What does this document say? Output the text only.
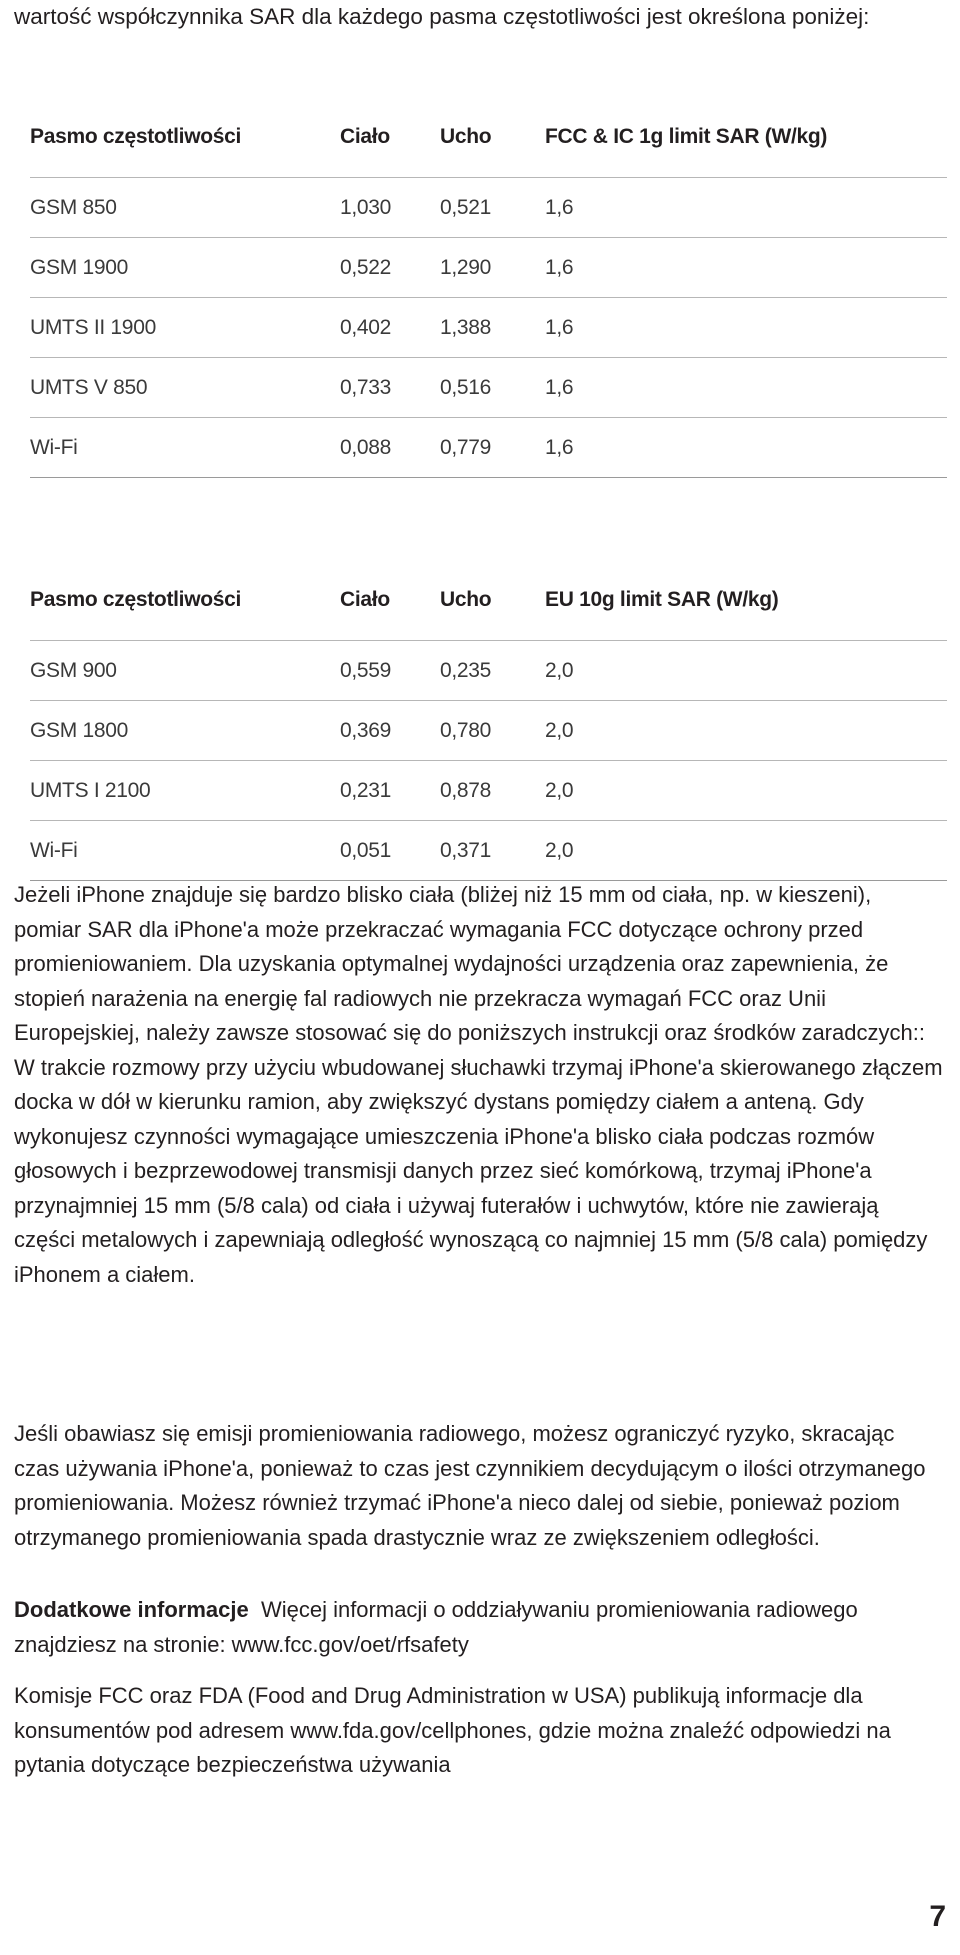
wartość współczynnika SAR dla każdego pasma częstotliwości jest określona poniżej:

Pasmo częstotliwości	Ciało	Ucho	FCC & IC 1g limit SAR (W/kg)
GSM 850	1,030	0,521	1,6
GSM 1900	0,522	1,290	1,6
UMTS II 1900	0,402	1,388	1,6
UMTS V 850	0,733	0,516	1,6
Wi-Fi	0,088	0,779	1,6
Pasmo częstotliwości	Ciało	Ucho	EU 10g limit SAR (W/kg)
GSM 900	0,559	0,235	2,0
GSM 1800	0,369	0,780	2,0
UMTS I 2100	0,231	0,878	2,0
Wi-Fi	0,051	0,371	2,0

Jeżeli iPhone znajduje się bardzo blisko ciała (bliżej niż 15 mm od ciała, np. w kieszeni), pomiar SAR dla iPhone'a może przekraczać wymagania FCC dotyczące ochrony przed promieniowaniem. Dla uzyskania optymalnej wydajności urządzenia oraz zapewnienia, że stopień narażenia na energię fal radiowych nie przekracza wymagań FCC oraz Unii Europejskiej, należy zawsze stosować się do poniższych instrukcji oraz środków zaradczych:: W trakcie rozmowy przy użyciu wbudowanej słuchawki trzymaj iPhone'a skierowanego złączem docka w dół w kierunku ramion, aby zwiększyć dystans pomiędzy ciałem a anteną. Gdy wykonujesz czynności wymagające umieszczenia iPhone'a blisko ciała podczas rozmów głosowych i bezprzewodowej transmisji danych przez sieć komórkową, trzymaj iPhone'a przynajmniej 15 mm (5/8 cala) od ciała i używaj futerałów i uchwytów, które nie zawierają części metalowych i zapewniają odległość wynoszącą co najmniej 15 mm (5/8 cala) pomiędzy iPhonem a ciałem.

Jeśli obawiasz się emisji promieniowania radiowego, możesz ograniczyć ryzyko, skracając czas używania iPhone'a, ponieważ to czas jest czynnikiem decydującym o ilości otrzymanego promieniowania. Możesz również trzymać iPhone'a nieco dalej od siebie, ponieważ poziom otrzymanego promieniowania spada drastycznie wraz ze zwiększeniem odległości.

Dodatkowe informacje Więcej informacji o oddziaływaniu promieniowania radiowego znajdziesz na stronie: www.fcc.gov/oet/rfsafety

Komisje FCC oraz FDA (Food and Drug Administration w USA) publikują informacje dla konsumentów pod adresem www.fda.gov/cellphones, gdzie można znaleźć odpowiedzi na pytania dotyczące bezpieczeństwa używania

7
